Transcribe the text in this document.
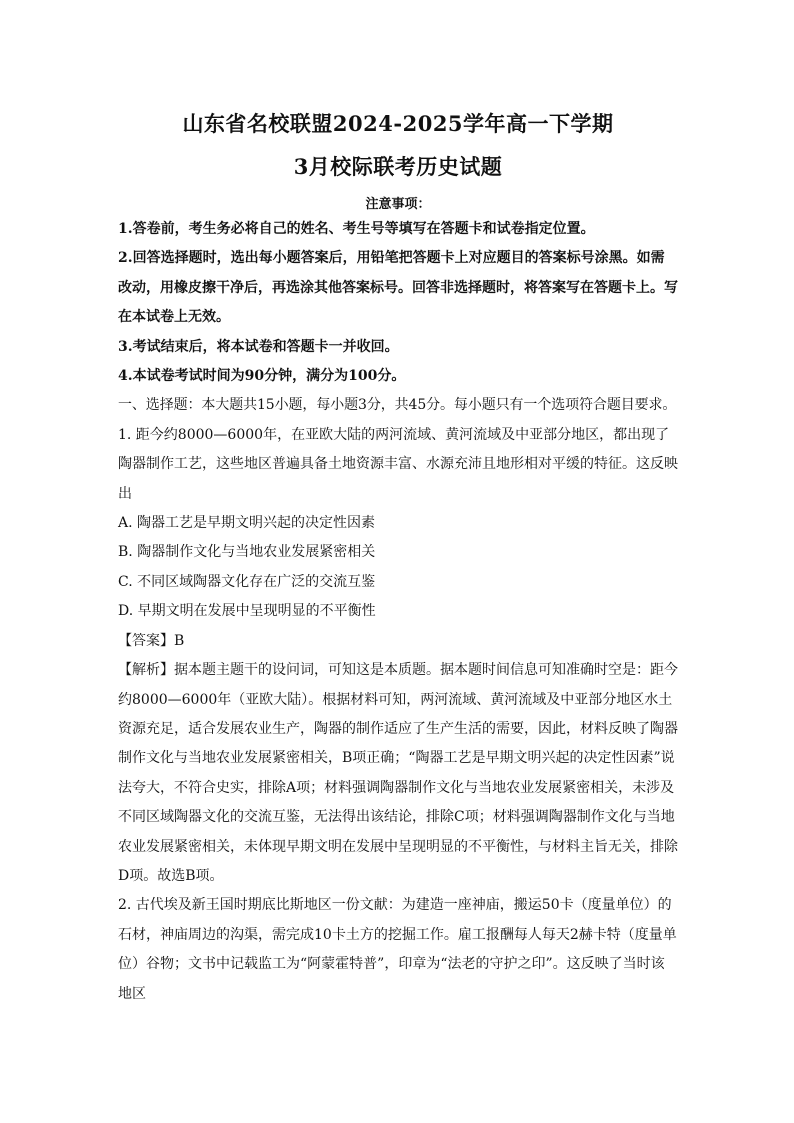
山东省名校联盟2024-2025学年高一下学期
3月校际联考历史试题
注意事项：

1.答卷前，考生务必将自己的姓名、考生号等填写在答题卡和试卷指定位置。

2.回答选择题时，选出每小题答案后，用铅笔把答题卡上对应题目的答案标号涂黑。如需改动，用橡皮擦干净后，再选涂其他答案标号。回答非选择题时，将答案写在答题卡上。写在本试卷上无效。

3.考试结束后，将本试卷和答题卡一并收回。

4.本试卷考试时间为90分钟，满分为100分。

一、选择题：本大题共15小题，每小题3分，共45分。每小题只有一个选项符合题目要求。

1. 距今约8000—6000年，在亚欧大陆的两河流域、黄河流域及中亚部分地区，都出现了陶器制作工艺，这些地区普遍具备土地资源丰富、水源充沛且地形相对平缓的特征。这反映出

A. 陶器工艺是早期文明兴起的决定性因素

B. 陶器制作文化与当地农业发展紧密相关

C. 不同区域陶器文化存在广泛的交流互鉴

D. 早期文明在发展中呈现明显的不平衡性

【答案】B

【解析】据本题主题干的设问词，可知这是本质题。据本题时间信息可知准确时空是：距今约8000—6000年（亚欧大陆）。根据材料可知，两河流域、黄河流域及中亚部分地区水土资源充足，适合发展农业生产，陶器的制作适应了生产生活的需要，因此，材料反映了陶器制作文化与当地农业发展紧密相关，B项正确；“陶器工艺是早期文明兴起的决定性因素”说法夸大，不符合史实，排除A项；材料强调陶器制作文化与当地农业发展紧密相关，未涉及不同区域陶器文化的交流互鉴，无法得出该结论，排除C项；材料强调陶器制作文化与当地农业发展紧密相关，未体现早期文明在发展中呈现明显的不平衡性，与材料主旨无关，排除D项。故选B项。

2. 古代埃及新王国时期底比斯地区一份文献：为建造一座神庙，搬运50卡（度量单位）的石材，神庙周边的沟渠，需完成10卡土方的挖掘工作。雇工报酬每人每天2赫卡特（度量单位）谷物；文书中记载监工为“阿蒙霍特普”，印章为“法老的守护之印”。这反映了当时该地区
